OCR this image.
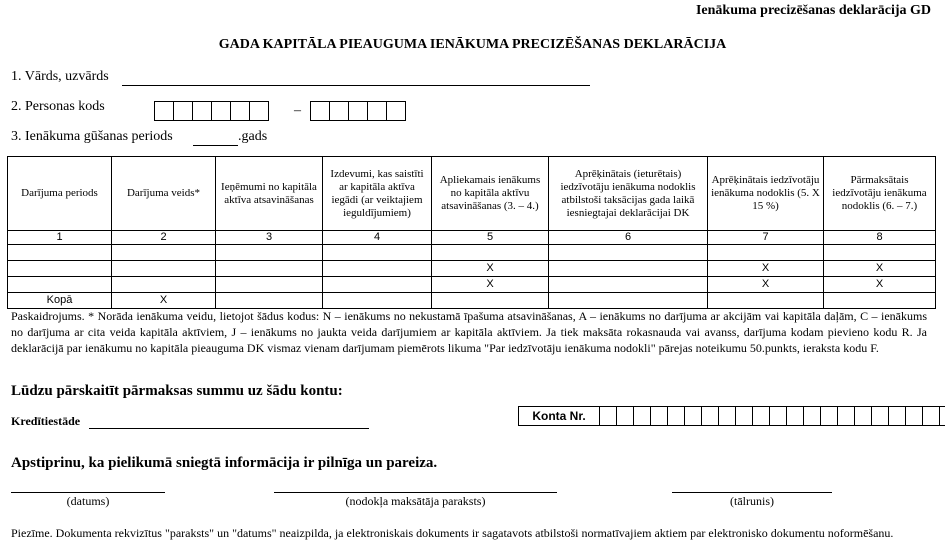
Ienākuma precizēšanas deklarācija GD
GADA KAPITĀLA PIEAUGUMA IENĀKUMA PRECIZĒŠANAS DEKLARĀCIJA
1. Vārds, uzvārds
2. Personas kods	–
3. Ienākuma gūšanas periods	.gads
Darījuma periods	Darījuma veids*	Ieņēmumi no kapitāla aktīva atsavināšanas	Izdevumi, kas saistīti ar kapitāla aktīva iegādi (ar veiktajiem ieguldījumiem)	Apliekamais ienākums no kapitāla aktīvu atsavināšanas (3. – 4.)	Aprēķinātais (ieturētais) iedzīvotāju ienākuma nodoklis atbilstoši taksācijas gada laikā iesniegtajai deklarācijai DK	Aprēķinātais iedzīvotāju ienākuma nodoklis (5. X 15 %)	Pārmaksātais iedzīvotāju ienākuma nodoklis (6. – 7.)
1	2	3	4	5	6	7	8

				X		X	X
				X		X	X
Kopā	X						
Paskaidrojums. * Norāda ienākuma veidu, lietojot šādus kodus: N – ienākums no nekustamā īpašuma atsavināšanas, A – ienākums no darījuma ar akcijām vai kapitāla daļām, C – ienākums no darījuma ar cita veida kapitāla aktīviem, J – ienākums no jaukta veida darījumiem ar kapitāla aktīviem. Ja tiek maksāta rokasnauda vai avanss, darījuma kodam pievieno kodu R. Ja deklarācijā par ienākumu no kapitāla pieauguma DK vismaz vienam darījumam piemērots likuma "Par iedzīvotāju ienākuma nodokli" pārejas noteikumu 50.punkts, ieraksta kodu F.
Lūdzu pārskaitīt pārmaksas summu uz šādu kontu:
Kredītiestāde	Konta Nr.
Apstiprinu, ka pielikumā sniegtā informācija ir pilnīga un pareiza.
(datums)	(nodokļa maksātāja paraksts)	(tālrunis)
Piezīme. Dokumenta rekvizītus "paraksts" un "datums" neaizpilda, ja elektroniskais dokuments ir sagatavots atbilstoši normatīvajiem aktiem par elektronisko dokumentu noformēšanu.
